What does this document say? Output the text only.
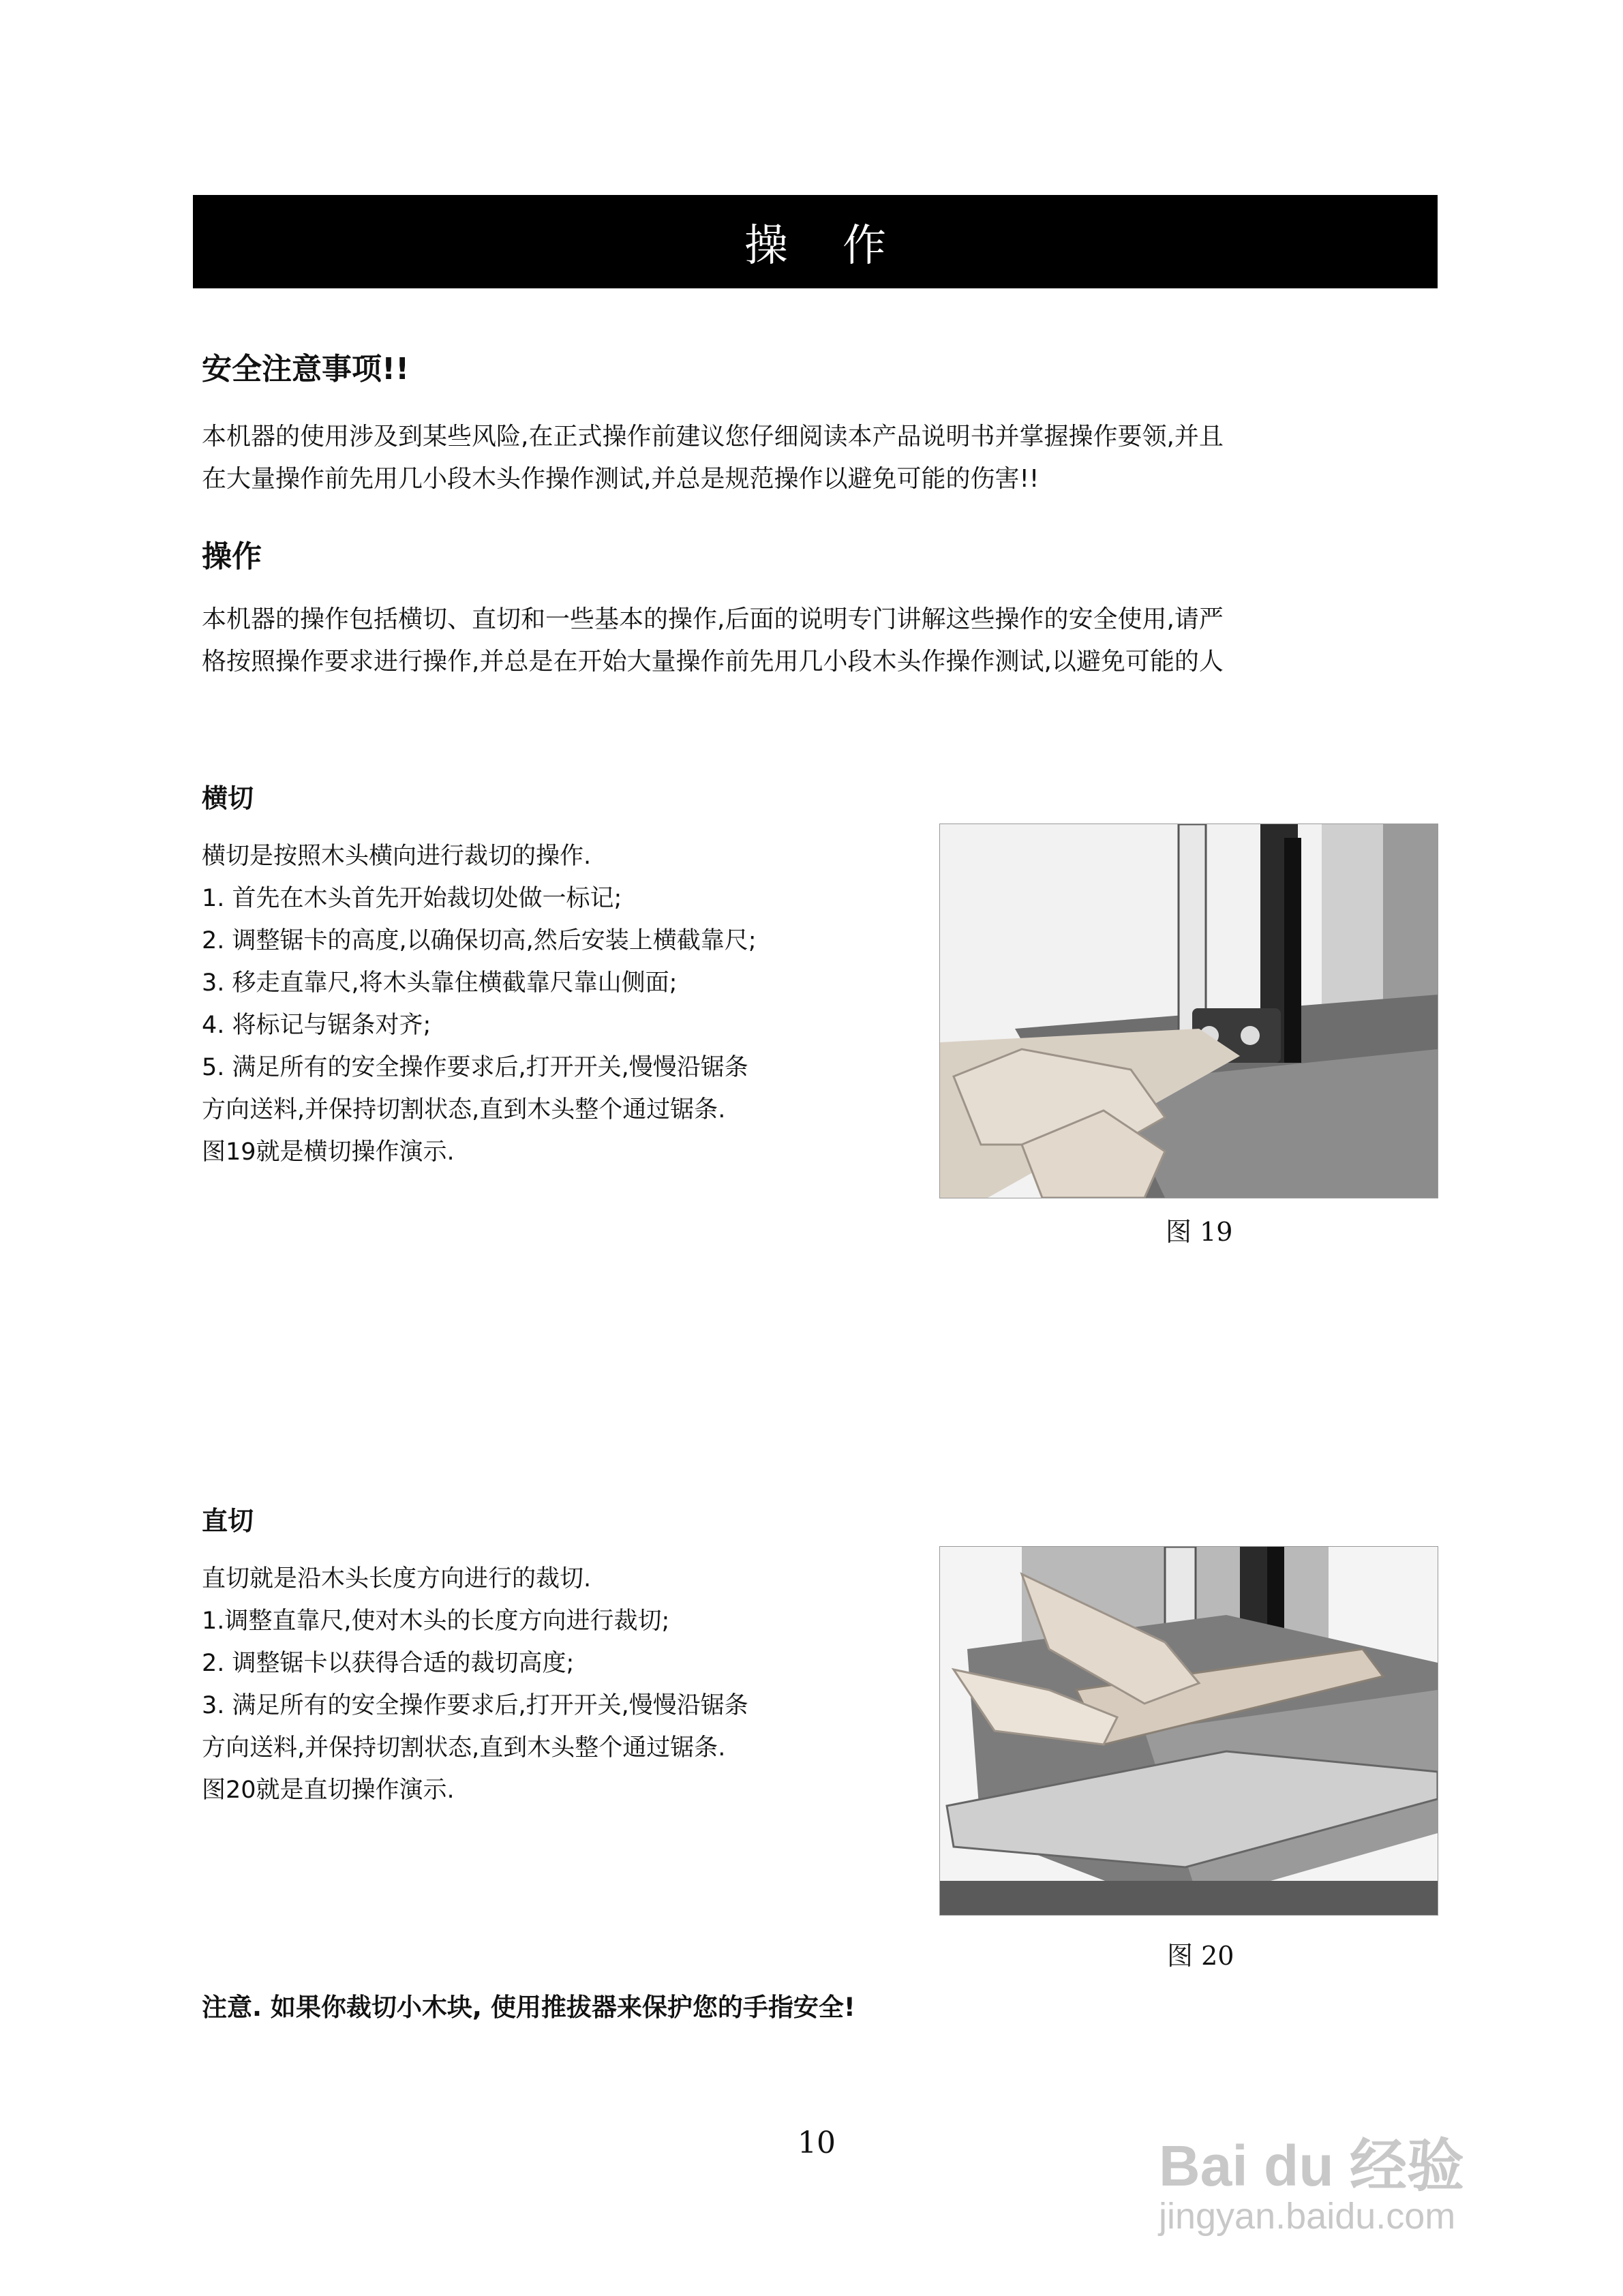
操作
安全注意事项!!
本机器的使用涉及到某些风险,在正式操作前建议您仔细阅读本产品说明书并掌握操作要领,并且
在大量操作前先用几小段木头作操作测试,并总是规范操作以避免可能的伤害!!
操作
本机器的操作包括横切、直切和一些基本的操作,后面的说明专门讲解这些操作的安全使用,请严
格按照操作要求进行操作,并总是在开始大量操作前先用几小段木头作操作测试,以避免可能的人
横切
横切是按照木头横向进行裁切的操作.
1. 首先在木头首先开始裁切处做一标记;
2. 调整锯卡的高度,以确保切高,然后安装上横截靠尺;
3. 移走直靠尺,将木头靠住横截靠尺靠山侧面;
4. 将标记与锯条对齐;
5. 满足所有的安全操作要求后,打开开关,慢慢沿锯条
方向送料,并保持切割状态,直到木头整个通过锯条.
图19就是横切操作演示.
图 19
直切
直切就是沿木头长度方向进行的裁切.
1.调整直靠尺,使对木头的长度方向进行裁切;
2. 调整锯卡以获得合适的裁切高度;
3. 满足所有的安全操作要求后,打开开关,慢慢沿锯条
方向送料,并保持切割状态,直到木头整个通过锯条.
图20就是直切操作演示.
图 20
注意. 如果你裁切小木块, 使用推拔器来保护您的手指安全!
10	Bai du 经验
jingyan.baidu.com
